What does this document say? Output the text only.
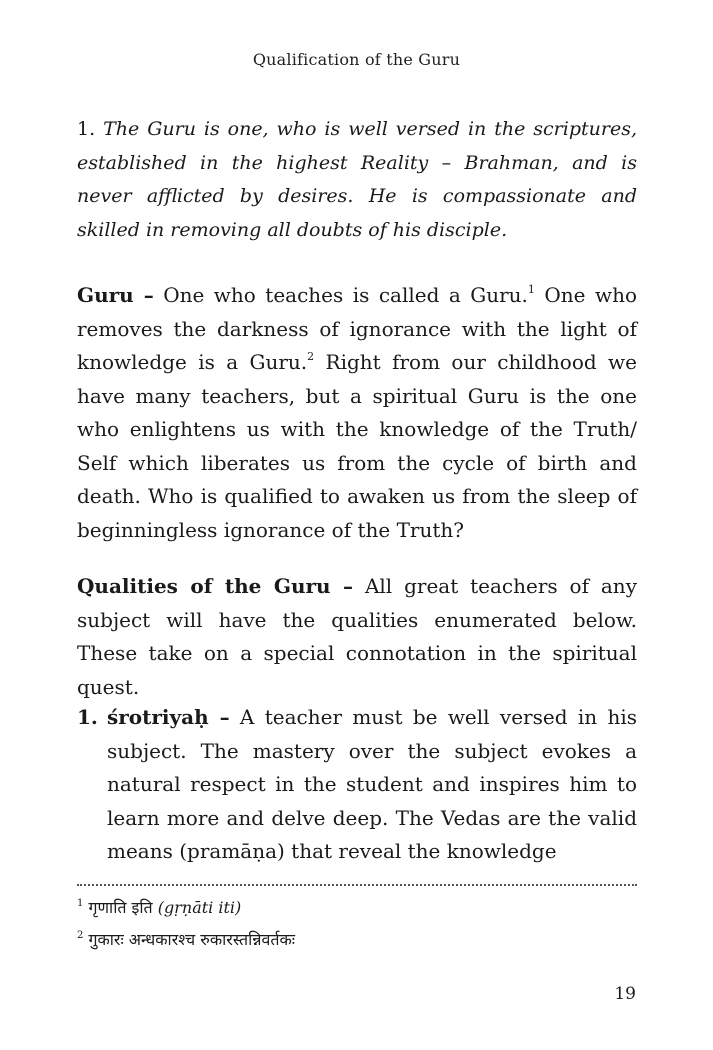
Qualification of the Guru

1. The Guru is one, who is well versed in the scriptures, established in the highest Reality – Brahman, and is never afflicted by desires. He is compassionate and skilled in removing all doubts of his disciple.

Guru – One who teaches is called a Guru.$^1$ One who removes the darkness of ignorance with the light of knowledge is a Guru.$^2$ Right from our childhood we have many teachers, but a spiritual Guru is the one who enlightens us with the knowledge of the Truth/ Self which liberates us from the cycle of birth and death. Who is qualified to awaken us from the sleep of beginningless ignorance of the Truth?

Qualities of the Guru – All great teachers of any subject will have the qualities enumerated below. These take on a special connotation in the spiritual quest.

1. śrotriyaḥ – A teacher must be well versed in his subject. The mastery over the subject evokes a natural respect in the student and inspires him to learn more and delve deep. The Vedas are the valid means (pramāṇa) that reveal the knowledge

$^1$ गृणाति इति (gṛṇāti iti)

$^2$ गुकारः अन्धकारश्च रुकारस्तन्निवर्तकः

19
